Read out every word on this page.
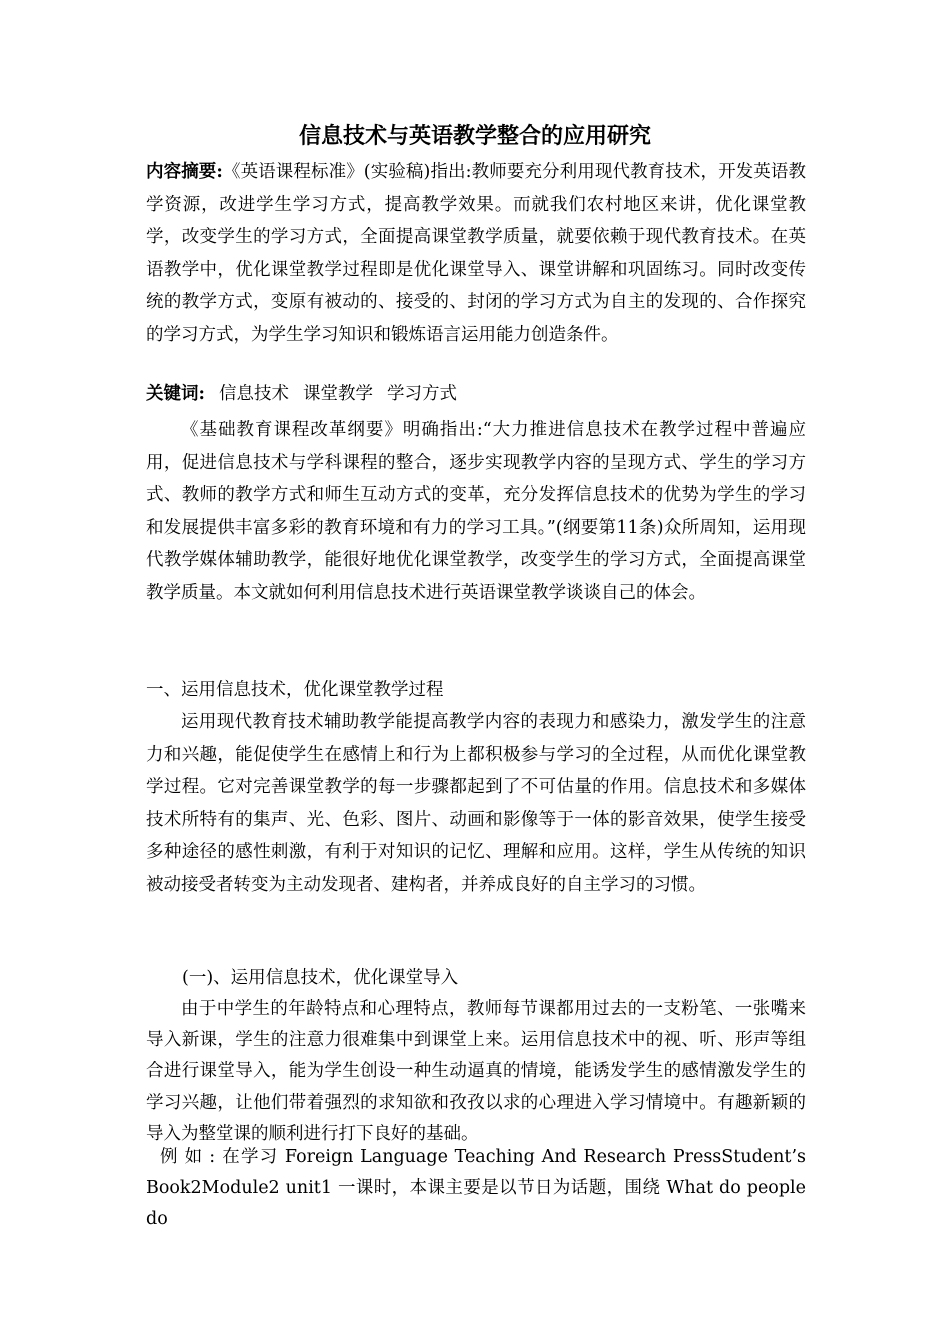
信息技术与英语教学整合的应用研究
内容摘要:《英语课程标准》(实验稿)指出:教师要充分利用现代教育技术，开发英语教学资源，改进学生学习方式，提高教学效果。而就我们农村地区来讲，优化课堂教学，改变学生的学习方式，全面提高课堂教学质量，就要依赖于现代教育技术。在英语教学中，优化课堂教学过程即是优化课堂导入、课堂讲解和巩固练习。同时改变传统的教学方式，变原有被动的、接受的、封闭的学习方式为自主的发现的、合作探究的学习方式，为学生学习知识和锻炼语言运用能力创造条件。
关键词: 信息技术 课堂教学 学习方式
《基础教育课程改革纲要》明确指出:“大力推进信息技术在教学过程中普遍应用，促进信息技术与学科课程的整合，逐步实现教学内容的呈现方式、学生的学习方式、教师的教学方式和师生互动方式的变革，充分发挥信息技术的优势为学生的学习和发展提供丰富多彩的教育环境和有力的学习工具。”(纲要第11条)众所周知，运用现代教学媒体辅助教学，能很好地优化课堂教学，改变学生的学习方式，全面提高课堂教学质量。本文就如何利用信息技术进行英语课堂教学谈谈自己的体会。
一、运用信息技术，优化课堂教学过程
运用现代教育技术辅助教学能提高教学内容的表现力和感染力，激发学生的注意力和兴趣，能促使学生在感情上和行为上都积极参与学习的全过程，从而优化课堂教学过程。它对完善课堂教学的每一步骤都起到了不可估量的作用。信息技术和多媒体技术所特有的集声、光、色彩、图片、动画和影像等于一体的影音效果，使学生接受多种途径的感性刺激，有利于对知识的记忆、理解和应用。这样，学生从传统的知识被动接受者转变为主动发现者、建构者，并养成良好的自主学习的习惯。
(一)、运用信息技术，优化课堂导入
由于中学生的年龄特点和心理特点，教师每节课都用过去的一支粉笔、一张嘴来导入新课，学生的注意力很难集中到课堂上来。运用信息技术中的视、听、形声等组合进行课堂导入，能为学生创设一种生动逼真的情境，能诱发学生的感情激发学生的学习兴趣，让他们带着强烈的求知欲和孜孜以求的心理进入学习情境中。有趣新颖的导入为整堂课的顺利进行打下良好的基础。
例如:在学习 Foreign Language Teaching And Research PressStudent’s Book2Module2 unit1 一课时，本课主要是以节日为话题，围绕 What do people do
